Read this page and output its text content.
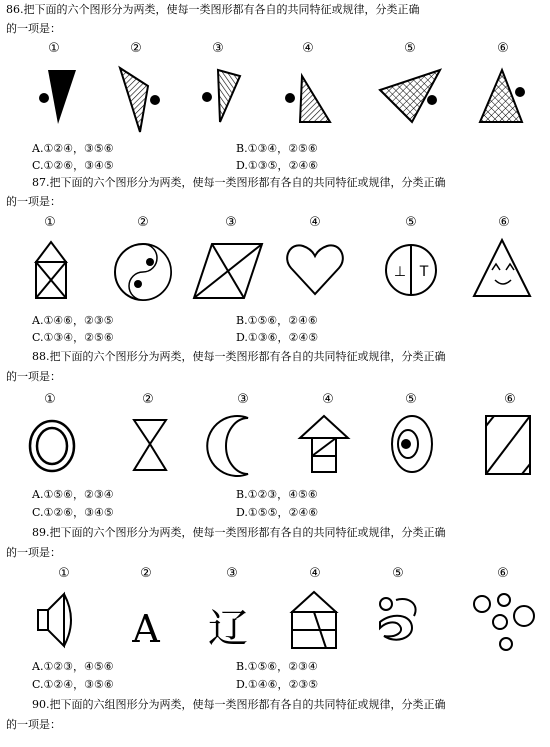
86.把下面的六个图形分为两类，使每一类图形都有各自的共同特征或规律，分类正确
的一项是：
①	②	③	④	⑤	⑥
A.①②④，③⑤⑥	B.①③④，②⑤⑥
C.①②⑥，③④⑤	D.①③⑤，②④⑥
87.把下面的六个图形分为两类，使每一类图形都有各自的共同特征或规律，分类正确
的一项是：
①	②	③	④	⑤	⑥
⊥ T
A.①④⑥，②③⑤	B.①⑤⑥，②④⑥
C.①③④，②⑤⑥	D.①③⑥，②④⑤
88.把下面的六个图形分为两类，使每一类图形都有各自的共同特征或规律，分类正确
的一项是：
①	②	③	④	⑤	⑥
A.①⑤⑥，②③④	B.①②③，④⑤⑥
C.①②⑥，③④⑤	D.①⑤⑤，②④⑥
89.把下面的六个图形分为两类，使每一类图形都有各自的共同特征或规律，分类正确
的一项是：
①	②	③	④	⑤	⑥
A 辽
A.①②③，④⑤⑥	B.①⑤⑥，②③④
C.①②④，③⑤⑥	D.①④⑥，②③⑤
90.把下面的六组图形分为两类，使每一类图形都有各自的共同特征或规律，分类正确
的一项是：
